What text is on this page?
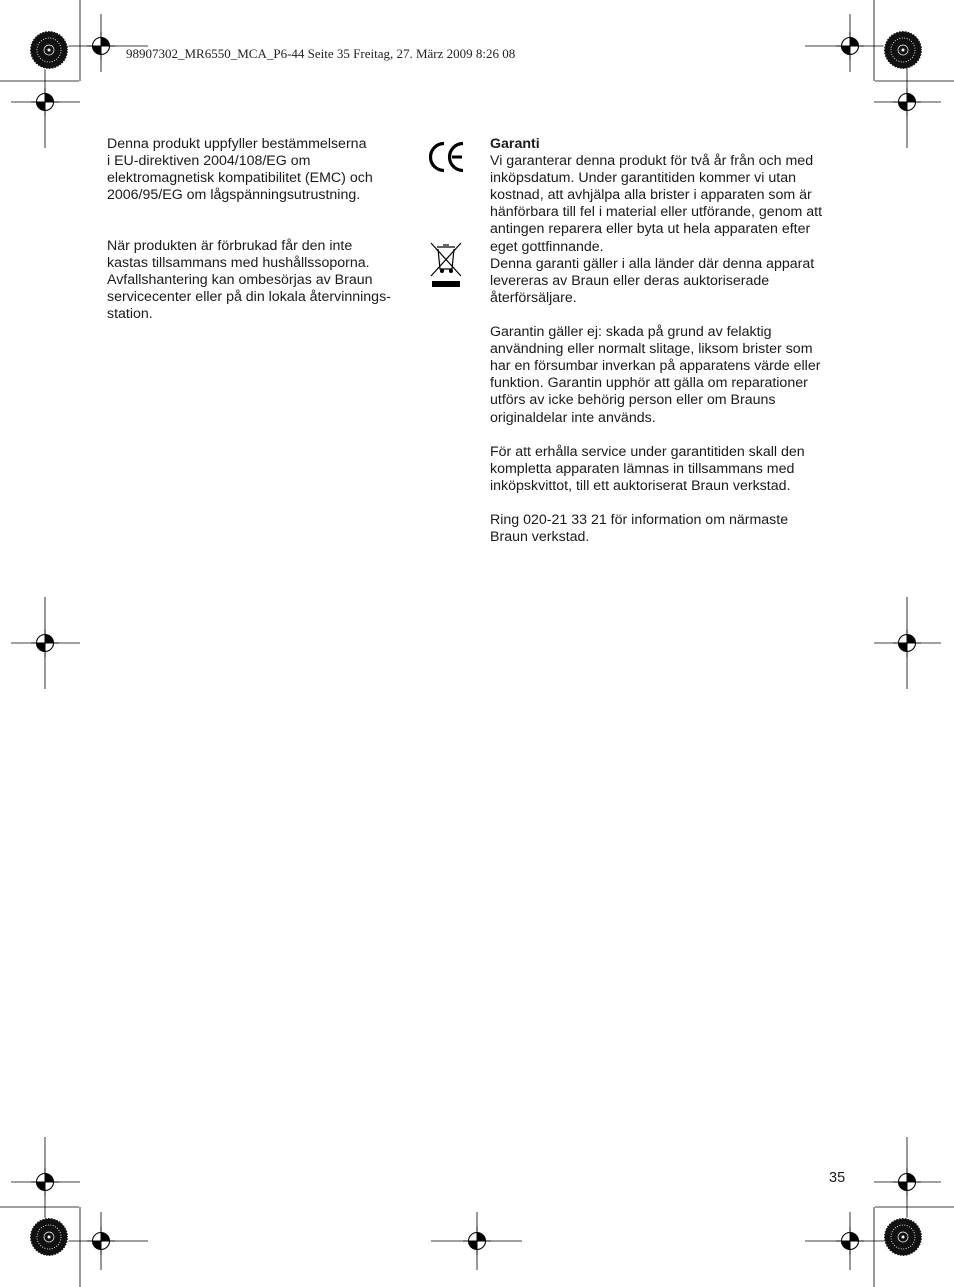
98907302_MR6550_MCA_P6-44 Seite 35 Freitag, 27. März 2009 8:26 08

Denna produkt uppfyller bestämmelserna

i EU-direktiven 2004/108/EG om

elektromagnetisk kompatibilitet (EMC) och

2006/95/EG om lågspänningsutrustning.

När produkten är förbrukad får den inte

kastas tillsammans med hushållssoporna.

Avfallshantering kan ombesörjas av Braun

servicecenter eller på din lokala återvinnings-

station.

Garanti

Vi garanterar denna produkt för två år från och med

inköpsdatum. Under garantitiden kommer vi utan

kostnad, att avhjälpa alla brister i apparaten som är

hänförbara till fel i material eller utförande, genom att

antingen reparera eller byta ut hela apparaten efter

eget gottfinnande.

Denna garanti gäller i alla länder där denna apparat

levereras av Braun eller deras auktoriserade

återförsäljare.

Garantin gäller ej: skada på grund av felaktig

användning eller normalt slitage, liksom brister som

har en försumbar inverkan på apparatens värde eller

funktion. Garantin upphör att gälla om reparationer

utförs av icke behörig person eller om Brauns

originaldelar inte används.

För att erhålla service under garantitiden skall den

kompletta apparaten lämnas in tillsammans med

inköpskvittot, till ett auktoriserat Braun verkstad.

Ring 020-21 33 21 för information om närmaste

Braun verkstad.

35
